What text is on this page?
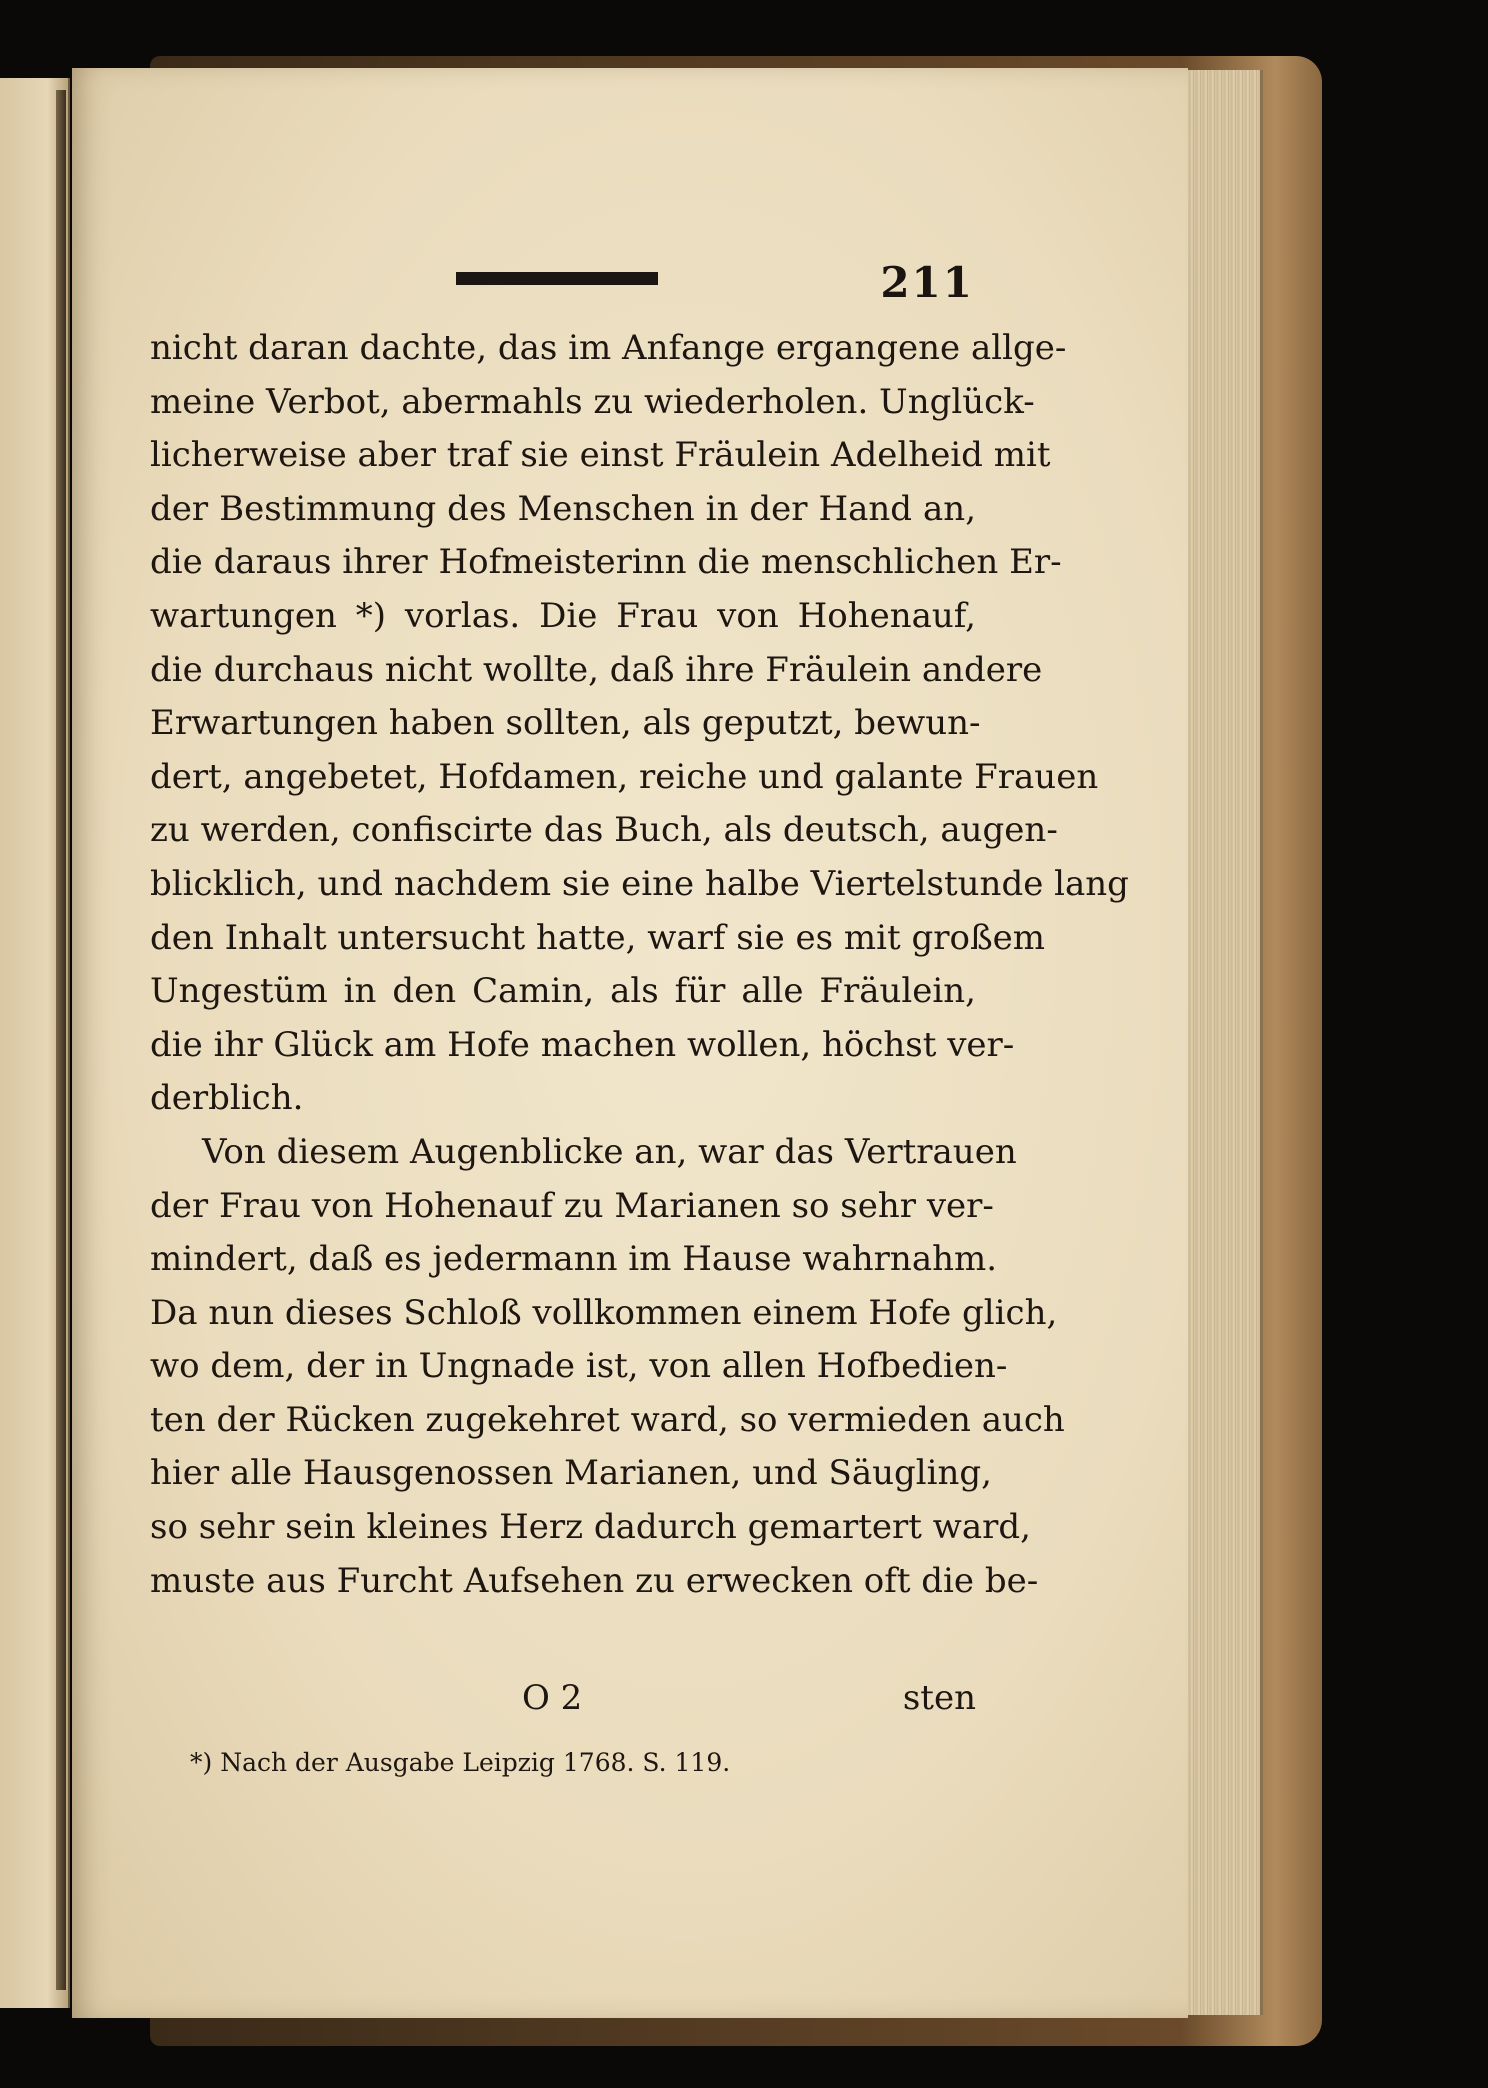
211
nicht daran dachte, das im Anfange ergangene allge-
meine Verbot, abermahls zu wiederholen. Unglück-
licherweise aber traf sie einst Fräulein Adelheid mit
der Bestimmung des Menschen in der Hand an,
die daraus ihrer Hofmeisterinn die menschlichen Er-
wartungen *) vorlas. Die Frau von Hohenauf,
die durchaus nicht wollte, daß ihre Fräulein andere
Erwartungen haben sollten, als geputzt, bewun-
dert, angebetet, Hofdamen, reiche und galante Frauen
zu werden, confiscirte das Buch, als deutsch, augen-
blicklich, und nachdem sie eine halbe Viertelstunde lang
den Inhalt untersucht hatte, warf sie es mit großem
Ungestüm in den Camin, als für alle Fräulein,
die ihr Glück am Hofe machen wollen, höchst ver-
derblich.
Von diesem Augenblicke an, war das Vertrauen
der Frau von Hohenauf zu Marianen so sehr ver-
mindert, daß es jedermann im Hause wahrnahm.
Da nun dieses Schloß vollkommen einem Hofe glich,
wo dem, der in Ungnade ist, von allen Hofbedien-
ten der Rücken zugekehret ward, so vermieden auch
hier alle Hausgenossen Marianen, und Säugling,
so sehr sein kleines Herz dadurch gemartert ward,
muste aus Furcht Aufsehen zu erwecken oft die be-
O 2	sten
*) Nach der Ausgabe Leipzig 1768. S. 119.
